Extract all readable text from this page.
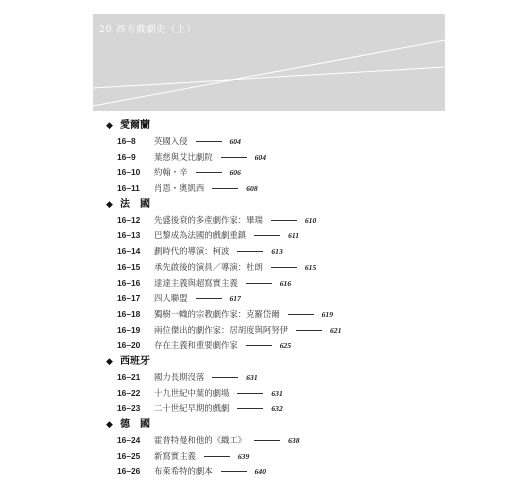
20 西方戲劇史（上）
◆ 愛爾蘭
16–8 英國入侵	604
16–9 葉慈與艾比劇院	604
16–10 約翰・辛	606
16–11 肖恩・奧凱西	608
◆ 法　國
16–12 先盛後衰的多產劇作家：畢瑞	610
16–13 巴黎成為法國的戲劇重鎮	611
16–14 劃時代的導演：柯波	613
16–15 承先啟後的演員／導演：杜朗	615
16–16 達達主義與超寫實主義	616
16–17 四人聯盟	617
16–18 獨樹一幟的宗教劇作家：克羅岱爾	619
16–19 兩位傑出的劇作家：居胡度與阿努伊	621
16–20 存在主義和重要劇作家	625
◆ 西班牙
16–21 國力長期沒落	631
16–22 十九世紀中葉的劇場	631
16–23 二十世紀早期的戲劇	632
◆ 德　國
16–24 霍普特曼和他的《織工》	638
16–25 新寫實主義	639
16–26 布萊希特的劇本	640
